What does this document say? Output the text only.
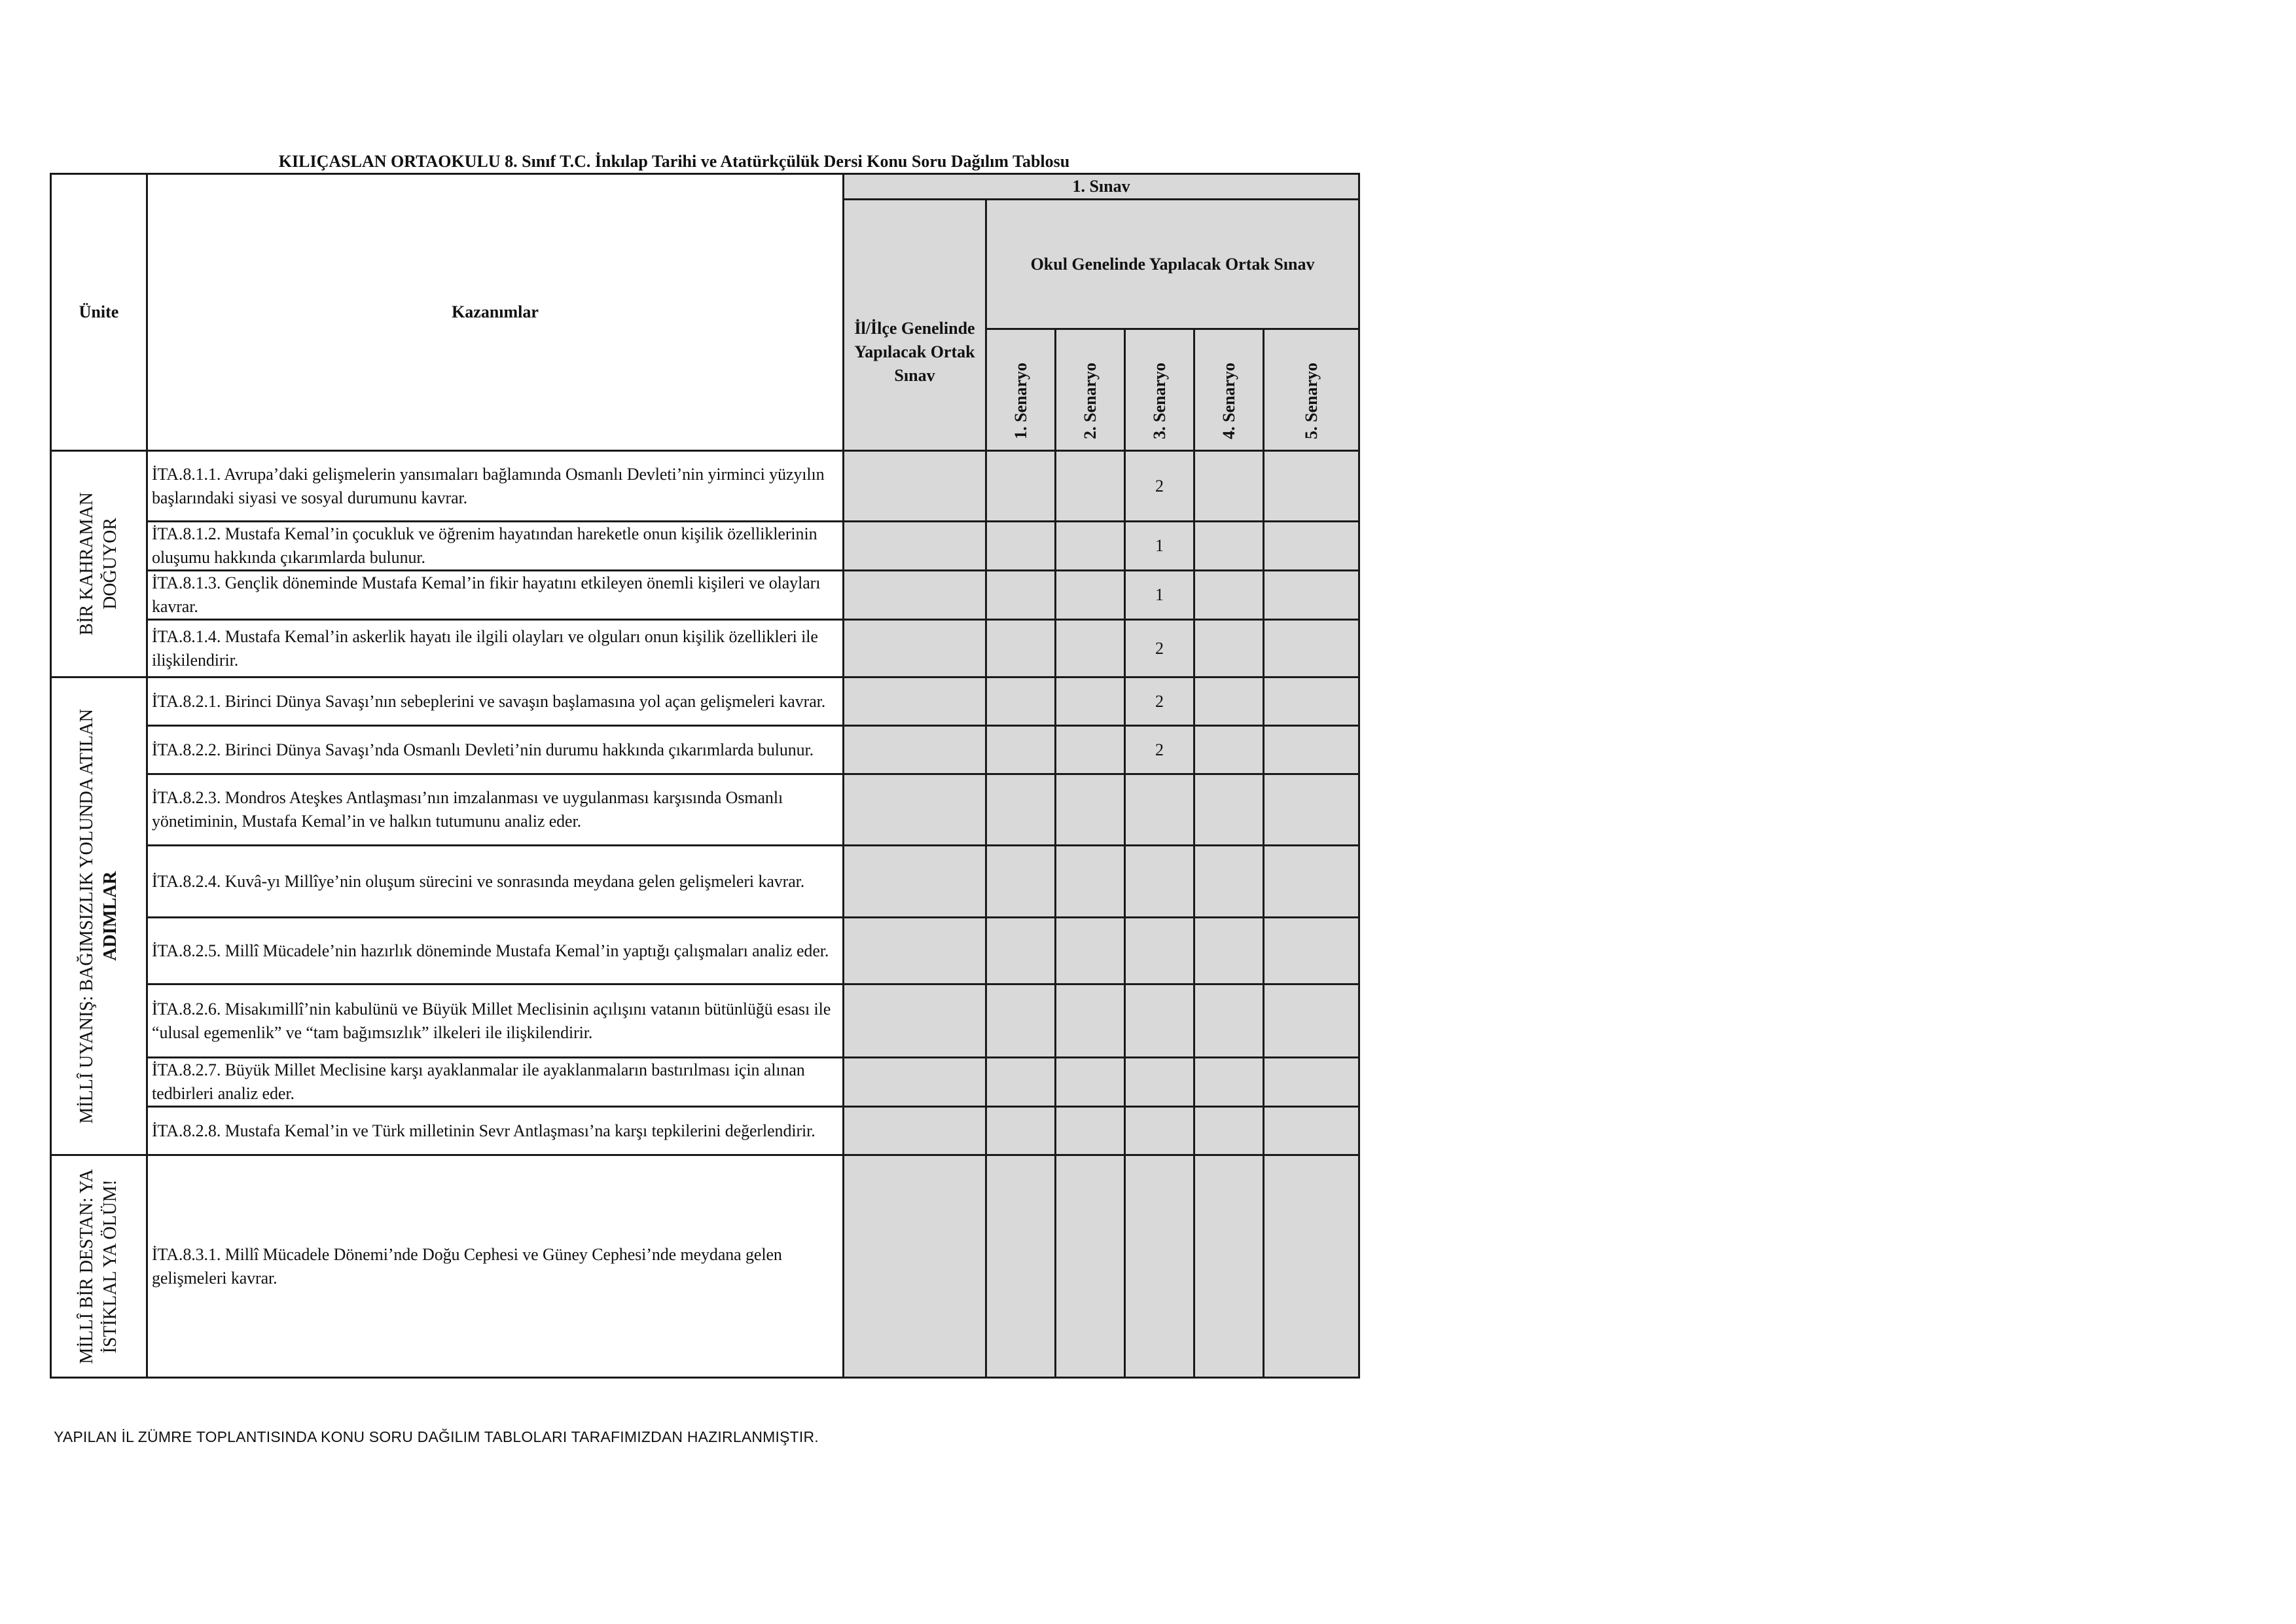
KILIÇASLAN ORTAOKULU 8. Sınıf T.C. İnkılap Tarihi ve Atatürkçülük Dersi Konu Soru Dağılım Tablosu
Ünite	Kazanımlar	1. Sınav					
		İl/İlçe Genelinde Yapılacak Ortak Sınav	Okul Genelinde Yapılacak Ortak Sınav				
			1. Senaryo	2. Senaryo	3. Senaryo	4. Senaryo	5. Senaryo

BİR KAHRAMAN DOĞUYOR	İTA.8.1.1. Avrupa’daki gelişmelerin yansımaları bağlamında Osmanlı Devleti’nin yirminci yüzyılın başlarındaki siyasi ve sosyal durumunu kavrar.				2		

	İTA.8.1.2. Mustafa Kemal’in çocukluk ve öğrenim hayatından hareketle onun kişilik özelliklerinin oluşumu hakkında çıkarımlarda bulunur.				1		

	İTA.8.1.3. Gençlik döneminde Mustafa Kemal’in fikir hayatını etkileyen önemli kişileri ve olayları kavrar.				1		

	İTA.8.1.4. Mustafa Kemal’in askerlik hayatı ile ilgili olayları ve olguları onun kişilik özellikleri ile ilişkilendirir.				2		

MİLLÎ UYANIŞ: BAĞIMSIZLIK YOLUNDA ATILAN ADIMLAR	İTA.8.2.1. Birinci Dünya Savaşı’nın sebeplerini ve savaşın başlamasına yol açan gelişmeleri kavrar.				2		

	İTA.8.2.2. Birinci Dünya Savaşı’nda Osmanlı Devleti’nin durumu hakkında çıkarımlarda bulunur.				2		

	İTA.8.2.3. Mondros Ateşkes Antlaşması’nın imzalanması ve uygulanması karşısında Osmanlı yönetiminin, Mustafa Kemal’in ve halkın tutumunu analiz eder.						

	İTA.8.2.4. Kuvâ-yı Millîye’nin oluşum sürecini ve sonrasında meydana gelen gelişmeleri kavrar.						

	İTA.8.2.5. Millî Mücadele’nin hazırlık döneminde Mustafa Kemal’in yaptığı çalışmaları analiz eder.						

	İTA.8.2.6. Misakımillî’nin kabulünü ve Büyük Millet Meclisinin açılışını vatanın bütünlüğü esası ile “ulusal egemenlik” ve “tam bağımsızlık” ilkeleri ile ilişkilendirir.						

	İTA.8.2.7. Büyük Millet Meclisine karşı ayaklanmalar ile ayaklanmaların bastırılması için alınan tedbirleri analiz eder.						

	İTA.8.2.8. Mustafa Kemal’in ve Türk milletinin Sevr Antlaşması’na karşı tepkilerini değerlendirir.						

MİLLÎ BİR DESTAN: YA İSTİKLAL YA ÖLÜM!	İTA.8.3.1. Millî Mücadele Dönemi’nde Doğu Cephesi ve Güney Cephesi’nde meydana gelen gelişmeleri kavrar.						

YAPILAN İL ZÜMRE TOPLANTISINDA KONU SORU DAĞILIM TABLOLARI TARAFIMIZDAN HAZIRLANMIŞTIR.
